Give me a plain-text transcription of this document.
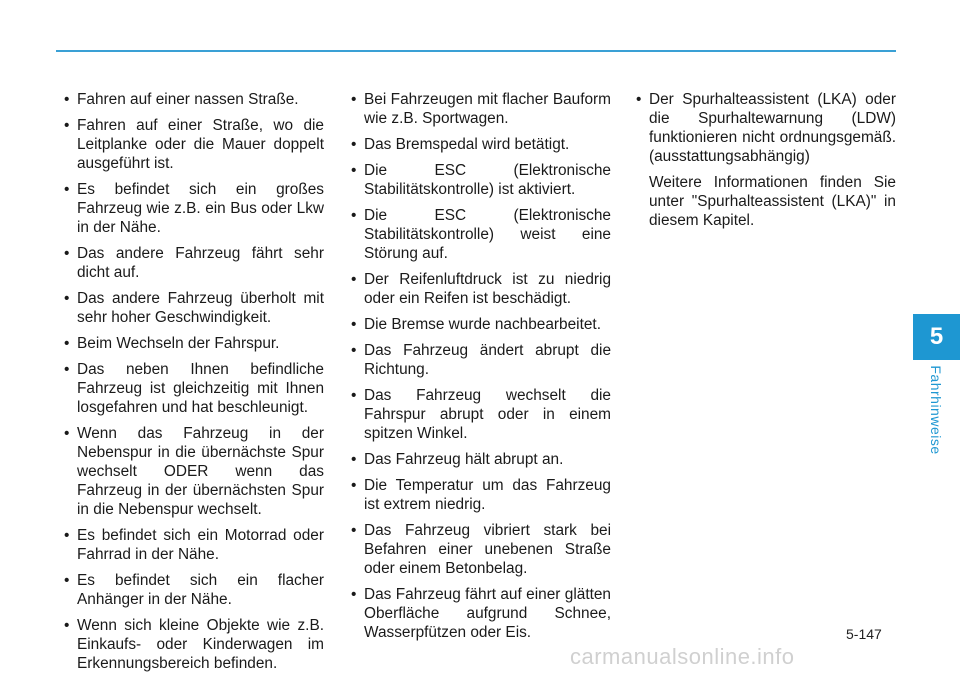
• Fahren auf einer nassen Straße.
• Fahren auf einer Straße, wo die Leitplanke oder die Mauer doppelt ausgeführt ist.
• Es befindet sich ein großes Fahrzeug wie z.B. ein Bus oder Lkw in der Nähe.
• Das andere Fahrzeug fährt sehr dicht auf.
• Das andere Fahrzeug überholt mit sehr hoher Geschwindigkeit.
• Beim Wechseln der Fahrspur.
• Das neben Ihnen befindliche Fahrzeug ist gleichzeitig mit Ihnen losgefahren und hat beschleunigt.
• Wenn das Fahrzeug in der Nebenspur in die übernächste Spur wechselt ODER wenn das Fahrzeug in der übernächsten Spur in die Nebenspur wechselt.
• Es befindet sich ein Motorrad oder Fahrrad in der Nähe.
• Es befindet sich ein flacher Anhänger in der Nähe.
• Wenn sich kleine Objekte wie z.B. Einkaufs- oder Kinderwagen im Erkennungsbereich befinden.
• Bei Fahrzeugen mit flacher Bauform wie z.B. Sportwagen.
• Das Bremspedal wird betätigt.
• Die ESC (Elektronische Stabilitätskontrolle) ist aktiviert.
• Die ESC (Elektronische Stabilitätskontrolle) weist eine Störung auf.
• Der Reifenluftdruck ist zu niedrig oder ein Reifen ist beschädigt.
• Die Bremse wurde nachbearbeitet.
• Das Fahrzeug ändert abrupt die Richtung.
• Das Fahrzeug wechselt die Fahrspur abrupt oder in einem spitzen Winkel.
• Das Fahrzeug hält abrupt an.
• Die Temperatur um das Fahrzeug ist extrem niedrig.
• Das Fahrzeug vibriert stark bei Befahren einer unebenen Straße oder einem Betonbelag.
• Das Fahrzeug fährt auf einer glätten Oberfläche aufgrund Schnee, Wasserpfützen oder Eis.
• Der Spurhalteassistent (LKA) oder die Spurhaltewarnung (LDW) funktionieren nicht ordnungsgemäß. (ausstattungsabhängig)

Weitere Informationen finden Sie unter "Spurhalteassistent (LKA)" in diesem Kapitel.

5
Fahrhinweise
5-147
carmanualsonline.info
